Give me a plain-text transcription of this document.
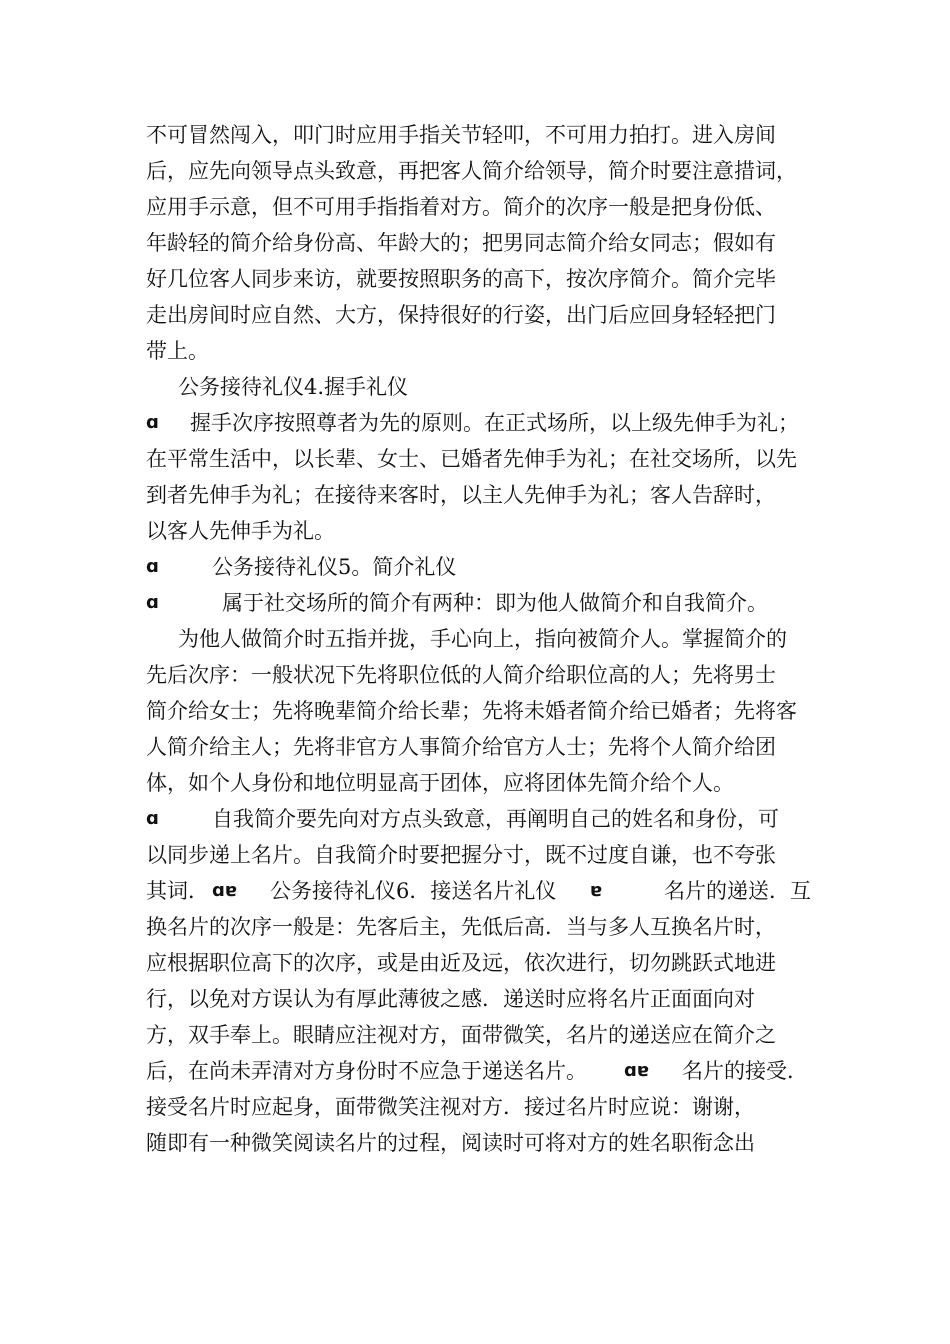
不可冒然闯入，叩门时应用手指关节轻叩，不可用力拍打。进入房间
后，应先向领导点头致意，再把客人简介给领导，简介时要注意措词，
应用手示意，但不可用手指指着对方。简介的次序一般是把身份低、
年龄轻的简介给身份高、年龄大的；把男同志简介给女同志；假如有
好几位客人同步来访，就要按照职务的高下，按次序简介。简介完毕
走出房间时应自然、大方，保持很好的行姿，出门后应回身轻轻把门
带上。
公务接待礼仪4.握手礼仪
ɑ 握手次序按照尊者为先的原则。在正式场所，以上级先伸手为礼；
在平常生活中，以长辈、女士、已婚者先伸手为礼；在社交场所，以先
到者先伸手为礼；在接待来客时，以主人先伸手为礼；客人告辞时，
以客人先伸手为礼。
ɑ	公务接待礼仪5。简介礼仪
ɑ	属于社交场所的简介有两种：即为他人做简介和自我简介。
为他人做简介时五指并拢，手心向上，指向被简介人。掌握简介的
先后次序：一般状况下先将职位低的人简介给职位高的人；先将男士
简介给女士；先将晚辈简介给长辈；先将未婚者简介给已婚者；先将客
人简介给主人；先将非官方人事简介给官方人士；先将个人简介给团
体，如个人身份和地位明显高于团体，应将团体先简介给个人。
ɑ	自我简介要先向对方点头致意，再阐明自己的姓名和身份，可
以同步递上名片。自我简介时要把握分寸，既不过度自谦，也不夸张
其词． ɑɐ 公务接待礼仪6．接送名片礼仪 ɐ	名片的递送．互
换名片的次序一般是：先客后主，先低后高．当与多人互换名片时，
应根据职位高下的次序，或是由近及远，依次进行，切勿跳跃式地进
行，以免对方误认为有厚此薄彼之感．递送时应将名片正面面向对
方，双手奉上。眼睛应注视对方，面带微笑，名片的递送应在简介之
后，在尚未弄清对方身份时不应急于递送名片。 ɑɐ 名片的接受．
接受名片时应起身，面带微笑注视对方．接过名片时应说：谢谢，
随即有一种微笑阅读名片的过程，阅读时可将对方的姓名职衔念出
